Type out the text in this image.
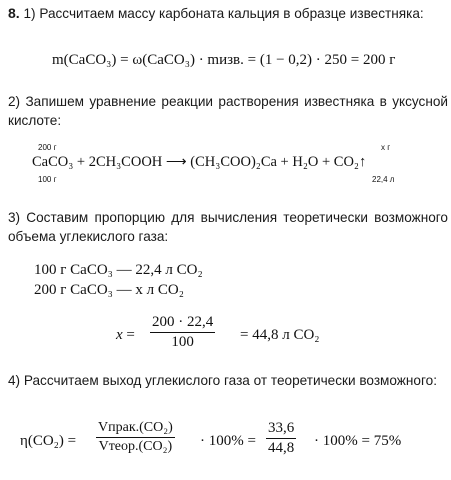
8. 1) Рассчитаем массу карбоната кальция в образце известняка:
m(CaCO₃) = ω(CaCO₃) · mизв. = (1 − 0,2) · 250 = 200 г
2) Запишем уравнение реакции растворения известняка в уксусной кислоте:
200 г
100 г
x г
22,4 л
CaCO₃ + 2CH₃COOH ⟶ (CH₃COO)₂Ca + H₂O + CO₂↑
3) Составим пропорцию для вычисления теоретически возможного объема углекислого газа:
100 г CaCO₃ — 22,4 л CO₂
200 г CaCO₃ — x л CO₂
$x = \frac{200 \cdot 22,4}{100} = 44,8$ л CO₂
4) Рассчитаем выход углекислого газа от теоретически возможного:
η(CO₂) =
Vпрак.(CO₂)
Vтеор.(CO₂) · $100\% = \frac{33,6}{44,8} \cdot 100\% = 75\%$
